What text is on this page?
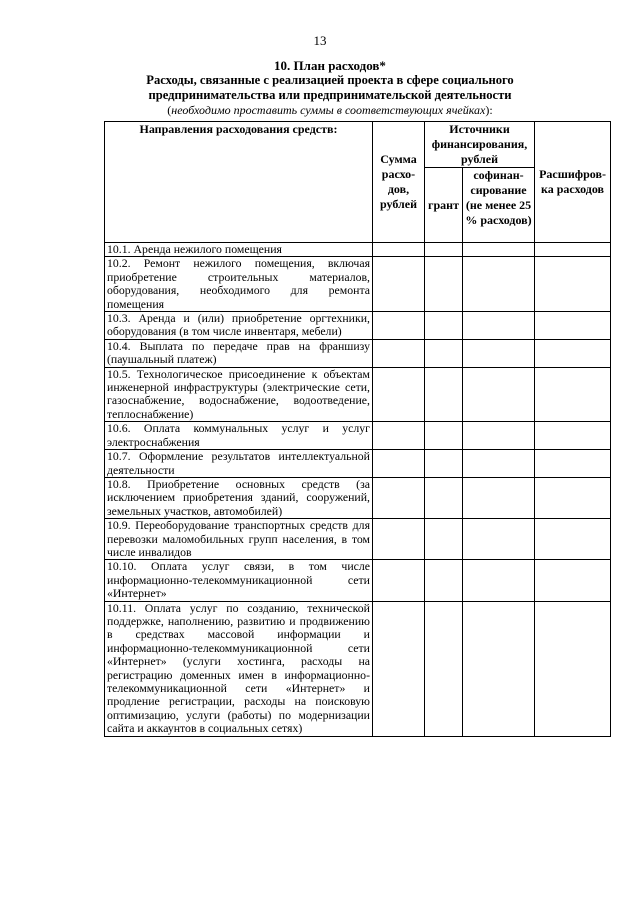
13
10. План расходов*
Расходы, связанные с реализацией проекта в сфере социального
предпринимательства или предпринимательской деятельности
(необходимо проставить суммы в соответствующих ячейках):
Направления расходования средств:	Сумма расхо-дов, рублей	Источники финансирования, рублей		Расшифров-ка расходов
		грант	софинан-сирование (не менее 25 % расходов)	
10.1. Аренда нежилого помещения				
10.2. Ремонт нежилого помещения, включая приобретение строительных материалов, оборудования, необходимого для ремонта помещения				
10.3. Аренда и (или) приобретение оргтехники, оборудования (в том числе инвентаря, мебели)				
10.4. Выплата по передаче прав на франшизу (паушальный платеж)				
10.5. Технологическое присоединение к объектам инженерной инфраструктуры (электрические сети, газоснабжение, водоснабжение, водоотведение, теплоснабжение)				
10.6. Оплата коммунальных услуг и услуг электроснабжения				
10.7. Оформление результатов интеллектуальной деятельности				
10.8. Приобретение основных средств (за исключением приобретения зданий, сооружений, земельных участков, автомобилей)				
10.9. Переоборудование транспортных средств для перевозки маломобильных групп населения, в том числе инвалидов				
10.10. Оплата услуг связи, в том числе информационно-телекоммуникационной сети «Интернет»				
10.11. Оплата услуг по созданию, технической поддержке, наполнению, развитию и продвижению в средствах массовой информации и информационно-телекоммуникационной сети «Интернет» (услуги хостинга, расходы на регистрацию доменных имен в информационно-телекоммуникационной сети «Интернет» и продление регистрации, расходы на поисковую оптимизацию, услуги (работы) по модернизации сайта и аккаунтов в социальных сетях)				
